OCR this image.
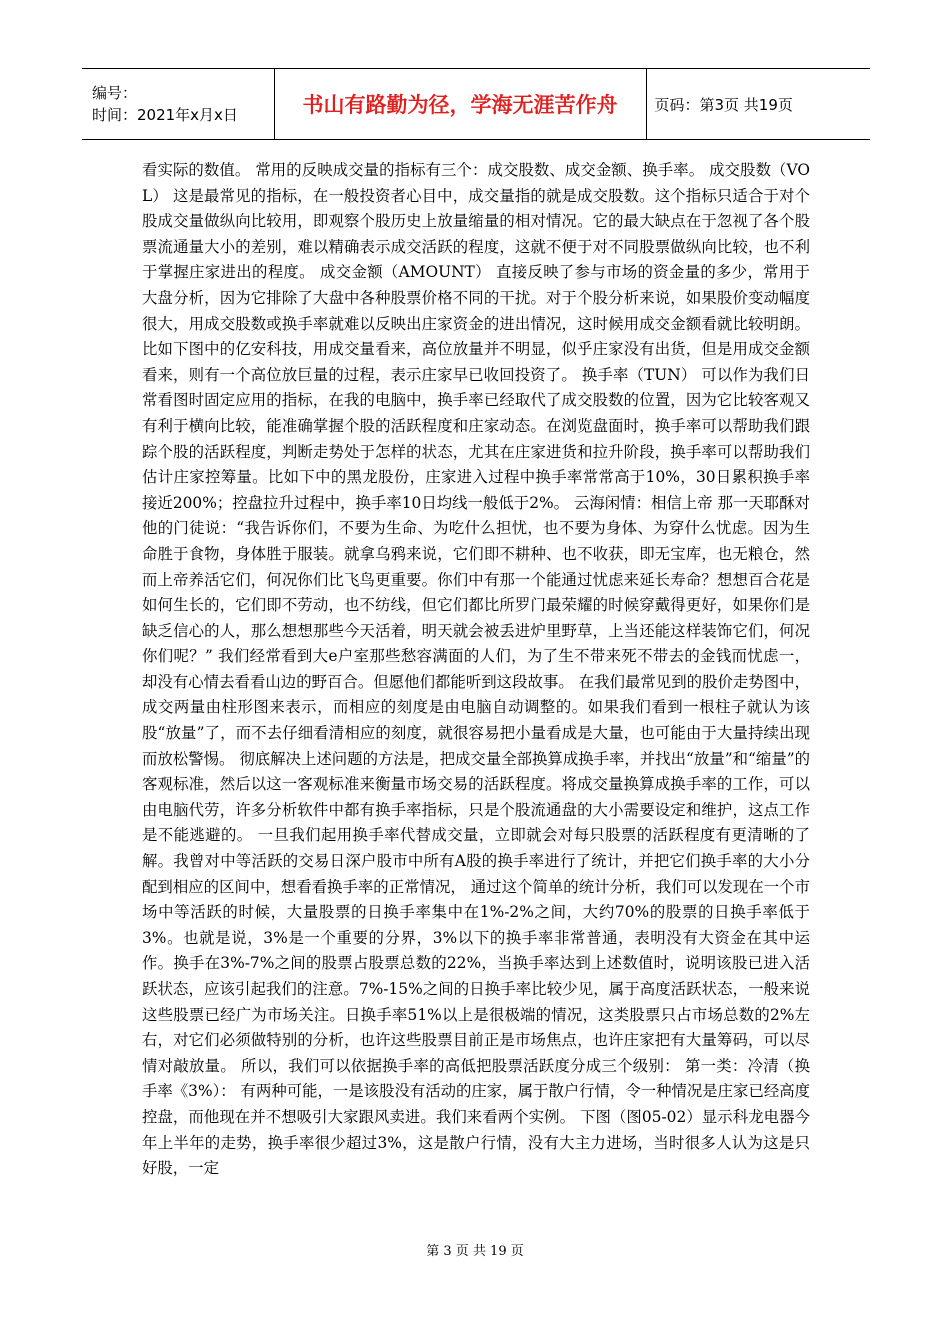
编号：
时间：2021年x月x日	书山有路勤为径，学海无涯苦作舟	页码：第3页 共19页

看实际的数值。 常用的反映成交量的指标有三个：成交股数、成交金额、换手率。 成交股数（VOL） 这是最常见的指标，在一般投资者心目中，成交量指的就是成交股数。这个指标只适合于对个股成交量做纵向比较用，即观察个股历史上放量缩量的相对情况。它的最大缺点在于忽视了各个股票流通量大小的差别，难以精确表示成交活跃的程度，这就不便于对不同股票做纵向比较，也不利于掌握庄家进出的程度。 成交金额（AMOUNT） 直接反映了参与市场的资金量的多少，常用于大盘分析，因为它排除了大盘中各种股票价格不同的干扰。对于个股分析来说，如果股价变动幅度很大，用成交股数或换手率就难以反映出庄家资金的进出情况，这时候用成交金额看就比较明朗。比如下图中的亿安科技，用成交量看来，高位放量并不明显，似乎庄家没有出货，但是用成交金额看来，则有一个高位放巨量的过程，表示庄家早已收回投资了。 换手率（TUN） 可以作为我们日常看图时固定应用的指标，在我的电脑中，换手率已经取代了成交股数的位置，因为它比较客观又有利于横向比较，能准确掌握个股的活跃程度和庄家动态。在浏览盘面时，换手率可以帮助我们跟踪个股的活跃程度，判断走势处于怎样的状态，尤其在庄家进货和拉升阶段，换手率可以帮助我们估计庄家控筹量。比如下中的黑龙股份，庄家进入过程中换手率常常高于10%，30日累积换手率接近200%；控盘拉升过程中，换手率10日均线一般低于2%。 云海闲情：相信上帝 那一天耶酥对他的门徒说：“我告诉你们，不要为生命、为吃什么担忧，也不要为身体、为穿什么忧虑。因为生命胜于食物，身体胜于服装。就拿乌鸦来说，它们即不耕种、也不收获，即无宝库，也无粮仓，然而上帝养活它们，何况你们比飞鸟更重要。你们中有那一个能通过忧虑来延长寿命？想想百合花是如何生长的，它们即不劳动，也不纺线，但它们都比所罗门最荣耀的时候穿戴得更好，如果你们是缺乏信心的人，那么想想那些今天活着，明天就会被丢进炉里野草，上当还能这样装饰它们，何况你们呢？” 我们经常看到大e户室那些愁容满面的人们，为了生不带来死不带去的金钱而忧虑一，却没有心情去看看山边的野百合。但愿他们都能听到这段故事。 在我们最常见到的股价走势图中，成交两量由柱形图来表示，而相应的刻度是由电脑自动调整的。如果我们看到一根柱子就认为该股“放量”了，而不去仔细看清相应的刻度，就很容易把小量看成是大量，也可能由于大量持续出现而放松警惕。 彻底解决上述问题的方法是，把成交量全部换算成换手率，并找出“放量”和“缩量”的客观标准，然后以这一客观标准来衡量市场交易的活跃程度。将成交量换算成换手率的工作，可以由电脑代劳，许多分析软件中都有换手率指标，只是个股流通盘的大小需要设定和维护，这点工作是不能逃避的。 一旦我们起用换手率代替成交量，立即就会对每只股票的活跃程度有更清晰的了解。我曾对中等活跃的交易日深户股市中所有A股的换手率进行了统计，并把它们换手率的大小分配到相应的区间中，想看看换手率的正常情况， 通过这个简单的统计分析，我们可以发现在一个市场中等活跃的时候，大量股票的日换手率集中在1%-2%之间，大约70%的股票的日换手率低于3%。也就是说，3%是一个重要的分界，3%以下的换手率非常普通，表明没有大资金在其中运作。换手在3%-7%之间的股票占股票总数的22%，当换手率达到上述数值时，说明该股已进入活跃状态，应该引起我们的注意。7%-15%之间的日换手率比较少见，属于高度活跃状态，一般来说这些股票已经广为市场关注。日换手率51%以上是很极端的情况，这类股票只占市场总数的2%左右，对它们必须做特别的分析，也许这些股票目前正是市场焦点，也许庄家把有大量筹码，可以尽情对敲放量。 所以，我们可以依据换手率的高低把股票活跃度分成三个级别： 第一类：冷清（换手率《3%）： 有两种可能，一是该股没有活动的庄家，属于散户行情，令一种情况是庄家已经高度控盘，而他现在并不想吸引大家跟风卖进。我们来看两个实例。 下图（图05-02）显示科龙电器今年上半年的走势，换手率很少超过3%，这是散户行情，没有大主力进场，当时很多人认为这是只好股，一定

第 3 页 共 19 页
